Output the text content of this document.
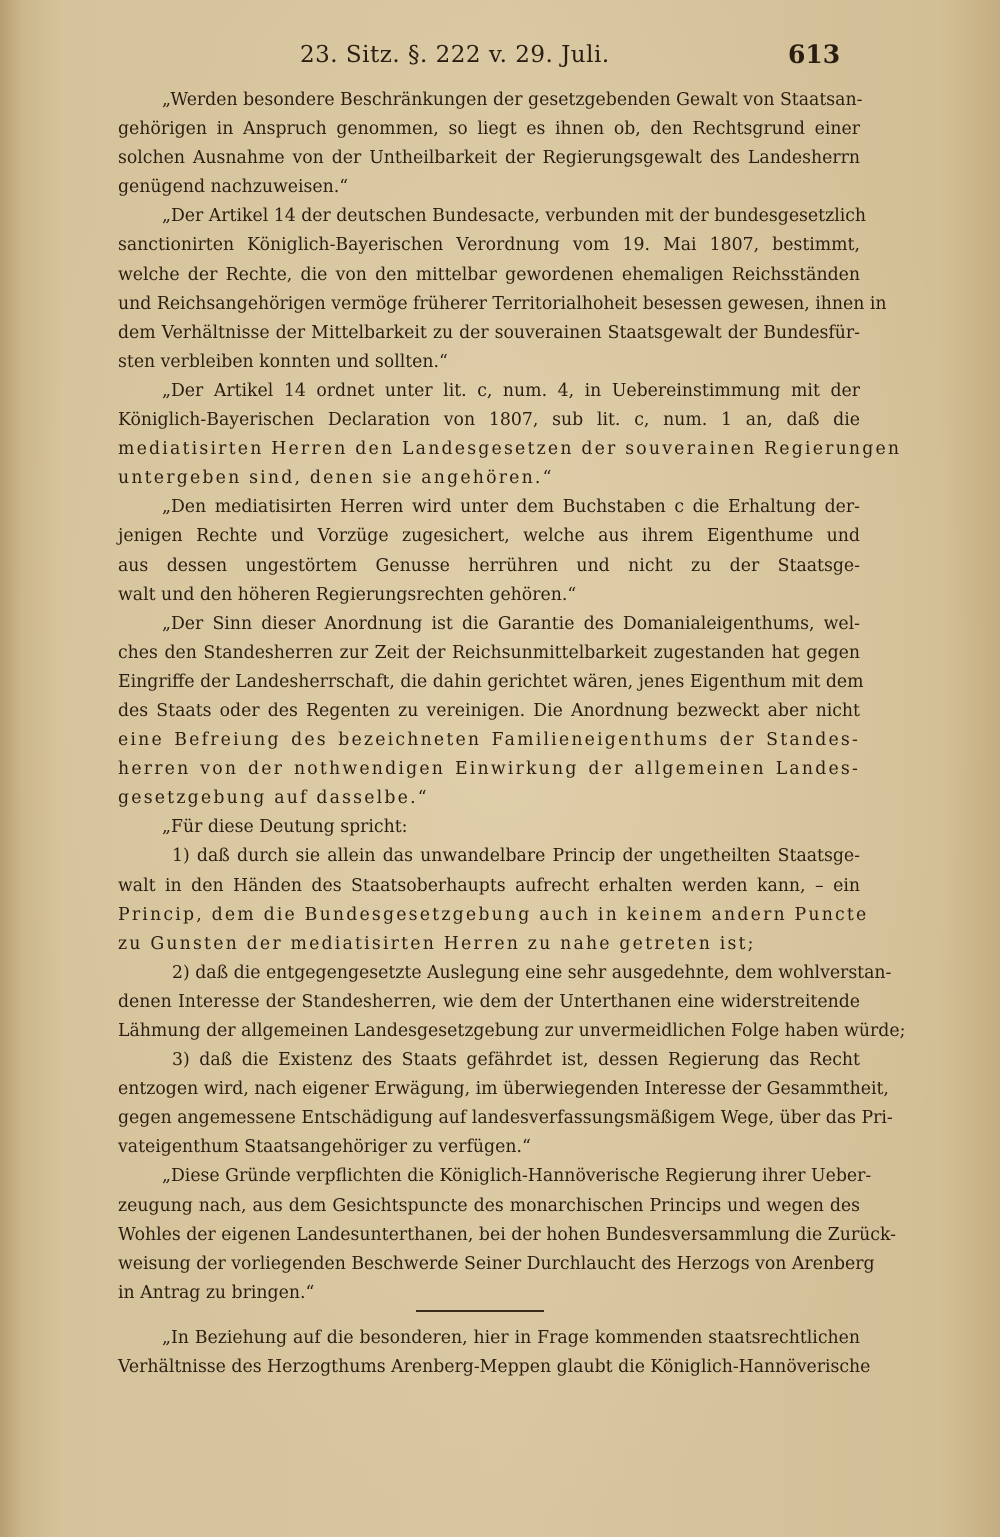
23. Sitz. §. 222 v. 29. Juli.	613
„Werden besondere Beschränkungen der gesetzgebenden Gewalt von Staatsan-
gehörigen in Anspruch genommen, so liegt es ihnen ob, den Rechtsgrund einer
solchen Ausnahme von der Untheilbarkeit der Regierungsgewalt des Landesherrn
genügend nachzuweisen.“
„Der Artikel 14 der deutschen Bundesacte, verbunden mit der bundesgesetzlich
sanctionirten Königlich-Bayerischen Verordnung vom 19. Mai 1807, bestimmt,
welche der Rechte, die von den mittelbar gewordenen ehemaligen Reichsständen
und Reichsangehörigen vermöge früherer Territorialhoheit besessen gewesen, ihnen in
dem Verhältnisse der Mittelbarkeit zu der souverainen Staatsgewalt der Bundesfür-
sten verbleiben konnten und sollten.“
„Der Artikel 14 ordnet unter lit. c, num. 4, in Uebereinstimmung mit der
Königlich-Bayerischen Declaration von 1807, sub lit. c, num. 1 an, daß die
mediatisirten Herren den Landesgesetzen der souverainen Regierungen
untergeben sind, denen sie angehören.“
„Den mediatisirten Herren wird unter dem Buchstaben c die Erhaltung der-
jenigen Rechte und Vorzüge zugesichert, welche aus ihrem Eigenthume und
aus dessen ungestörtem Genusse herrühren und nicht zu der Staatsge-
walt und den höheren Regierungsrechten gehören.“
„Der Sinn dieser Anordnung ist die Garantie des Domanialeigenthums, wel-
ches den Standesherren zur Zeit der Reichsunmittelbarkeit zugestanden hat gegen
Eingriffe der Landesherrschaft, die dahin gerichtet wären, jenes Eigenthum mit dem
des Staats oder des Regenten zu vereinigen. Die Anordnung bezweckt aber nicht
eine Befreiung des bezeichneten Familieneigenthums der Standes-
herren von der nothwendigen Einwirkung der allgemeinen Landes-
gesetzgebung auf dasselbe.“
„Für diese Deutung spricht:
1) daß durch sie allein das unwandelbare Princip der ungetheilten Staatsge-
walt in den Händen des Staatsoberhaupts aufrecht erhalten werden kann, – ein
Princip, dem die Bundesgesetzgebung auch in keinem andern Puncte
zu Gunsten der mediatisirten Herren zu nahe getreten ist;
2) daß die entgegengesetzte Auslegung eine sehr ausgedehnte, dem wohlverstan-
denen Interesse der Standesherren, wie dem der Unterthanen eine widerstreitende
Lähmung der allgemeinen Landesgesetzgebung zur unvermeidlichen Folge haben würde;
3) daß die Existenz des Staats gefährdet ist, dessen Regierung das Recht
entzogen wird, nach eigener Erwägung, im überwiegenden Interesse der Gesammtheit,
gegen angemessene Entschädigung auf landesverfassungsmäßigem Wege, über das Pri-
vateigenthum Staatsangehöriger zu verfügen.“
„Diese Gründe verpflichten die Königlich-Hannöverische Regierung ihrer Ueber-
zeugung nach, aus dem Gesichtspuncte des monarchischen Princips und wegen des
Wohles der eigenen Landesunterthanen, bei der hohen Bundesversammlung die Zurück-
weisung der vorliegenden Beschwerde Seiner Durchlaucht des Herzogs von Arenberg
in Antrag zu bringen.“
„In Beziehung auf die besonderen, hier in Frage kommenden staatsrechtlichen
Verhältnisse des Herzogthums Arenberg-Meppen glaubt die Königlich-Hannöverische
